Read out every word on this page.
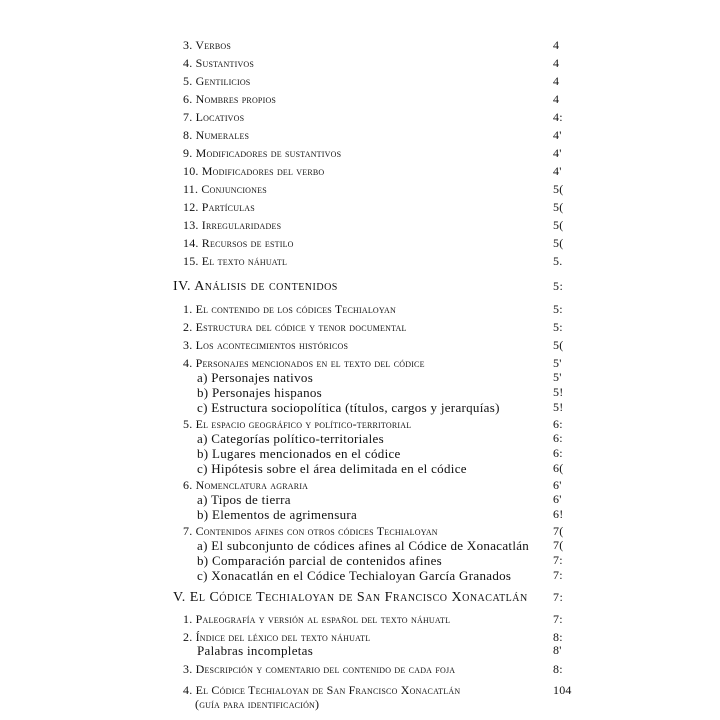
3. Verbos	4
4. Sustantivos	4
5. Gentilicios	4
6. Nombres propios	4
7. Locativos	4:
8. Numerales	4'
9. Modificadores de sustantivos	4'
10. Modificadores del verbo	4'
11. Conjunciones	5(
12. Partículas	5(
13. Irregularidades	5(
14. Recursos de estilo	5(
15. El texto náhuatl	5.
IV. Análisis de contenidos	5:
1. El contenido de los códices Techialoyan	5:
2. Estructura del códice y tenor documental	5:
3. Los acontecimientos históricos	5(
4. Personajes mencionados en el texto del códice	5'
a) Personajes nativos	5'
b) Personajes hispanos	5!
c) Estructura sociopolítica (títulos, cargos y jerarquías)	5!
5. El espacio geográfico y político-territorial	6:
a) Categorías político-territoriales	6:
b) Lugares mencionados en el códice	6:
c) Hipótesis sobre el área delimitada en el códice	6(
6. Nomenclatura agraria	6'
a) Tipos de tierra	6'
b) Elementos de agrimensura	6!
7. Contenidos afines con otros códices Techialoyan	7(
a) El subconjunto de códices afines al Códice de Xonacatlán 7(
b) Comparación parcial de contenidos afines	7:
c) Xonacatlán en el Códice Techialoyan García Granados	7:
V. El Códice Techialoyan de San Francisco Xonacatlán 7:
1. Paleografía y versión al español del texto náhuatl	7:
2. Índice del léxico del texto náhuatl	8:
Palabras incompletas	8'
3. Descripción y comentario del contenido de cada foja	8:
4. El Códice Techialoyan de San Francisco Xonacatlán	104
(guía para identificación)
